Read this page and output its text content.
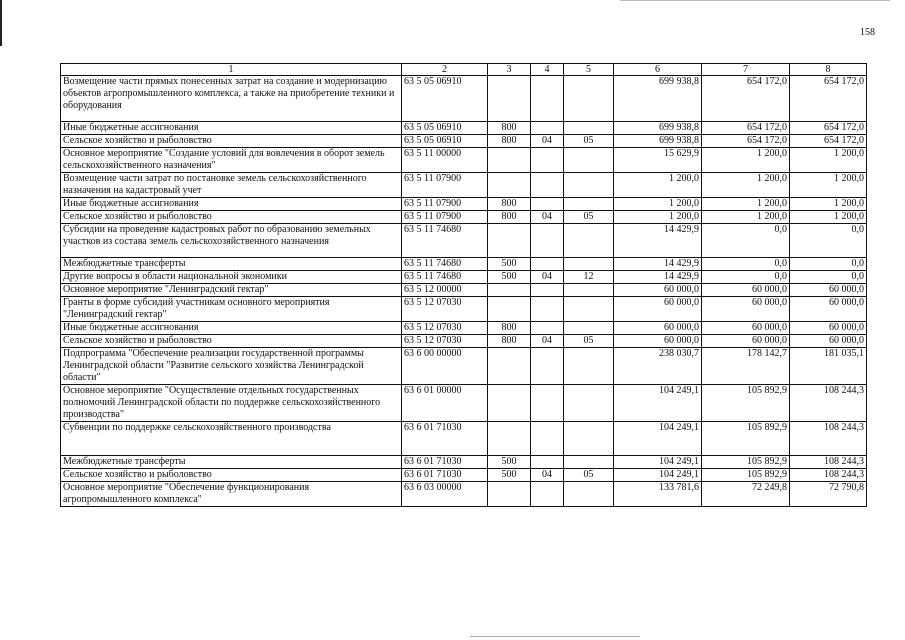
158
1	2	3	4	5	6	7	8
Возмещение части прямых понесенных затрат на создание и модернизацию объектов агропромышленного комплекса, а также на приобретение техники и оборудования	63 5 05 06910				699 938,8	654 172,0	654 172,0
Иные бюджетные ассигнования	63 5 05 06910	800			699 938,8	654 172,0	654 172,0
Сельское хозяйство и рыболовство	63 5 05 06910	800	04	05	699 938,8	654 172,0	654 172,0
Основное мероприятие "Создание условий для вовлечения в оборот земель сельскохозяйственного назначения"	63 5 11 00000				15 629,9	1 200,0	1 200,0
Возмещение части затрат по постановке земель сельскохозяйственного назначения на кадастровый учет	63 5 11 07900				1 200,0	1 200,0	1 200,0
Иные бюджетные ассигнования	63 5 11 07900	800			1 200,0	1 200,0	1 200,0
Сельское хозяйство и рыболовство	63 5 11 07900	800	04	05	1 200,0	1 200,0	1 200,0
Субсидии на проведение кадастровых работ по образованию земельных участков из состава земель сельскохозяйственного назначения	63 5 11 74680				14 429,9	0,0	0,0
Межбюджетные трансферты	63 5 11 74680	500			14 429,9	0,0	0,0
Другие вопросы в области национальной экономики	63 5 11 74680	500	04	12	14 429,9	0,0	0,0
Основное мероприятие "Ленинградский гектар"	63 5 12 00000				60 000,0	60 000,0	60 000,0
Гранты в форме субсидий участникам основного мероприятия "Ленинградский гектар"	63 5 12 07030				60 000,0	60 000,0	60 000,0
Иные бюджетные ассигнования	63 5 12 07030	800			60 000,0	60 000,0	60 000,0
Сельское хозяйство и рыболовство	63 5 12 07030	800	04	05	60 000,0	60 000,0	60 000,0
Подпрограмма "Обеспечение реализации государственной программы Ленинградской области "Развитие сельского хозяйства Ленинградской области"	63 6 00 00000				238 030,7	178 142,7	181 035,1
Основное мероприятие "Осуществление отдельных государственных полномочий Ленинградской области по поддержке сельскохозяйственного производства"	63 6 01 00000				104 249,1	105 892,9	108 244,3
Субвенции по поддержке сельскохозяйственного производства	63 6 01 71030				104 249,1	105 892,9	108 244,3
Межбюджетные трансферты	63 6 01 71030	500			104 249,1	105 892,9	108 244,3
Сельское хозяйство и рыболовство	63 6 01 71030	500	04	05	104 249,1	105 892,9	108 244,3
Основное мероприятие "Обеспечение функционирования агропромышленного комплекса"	63 6 03 00000				133 781,6	72 249,8	72 790,8
